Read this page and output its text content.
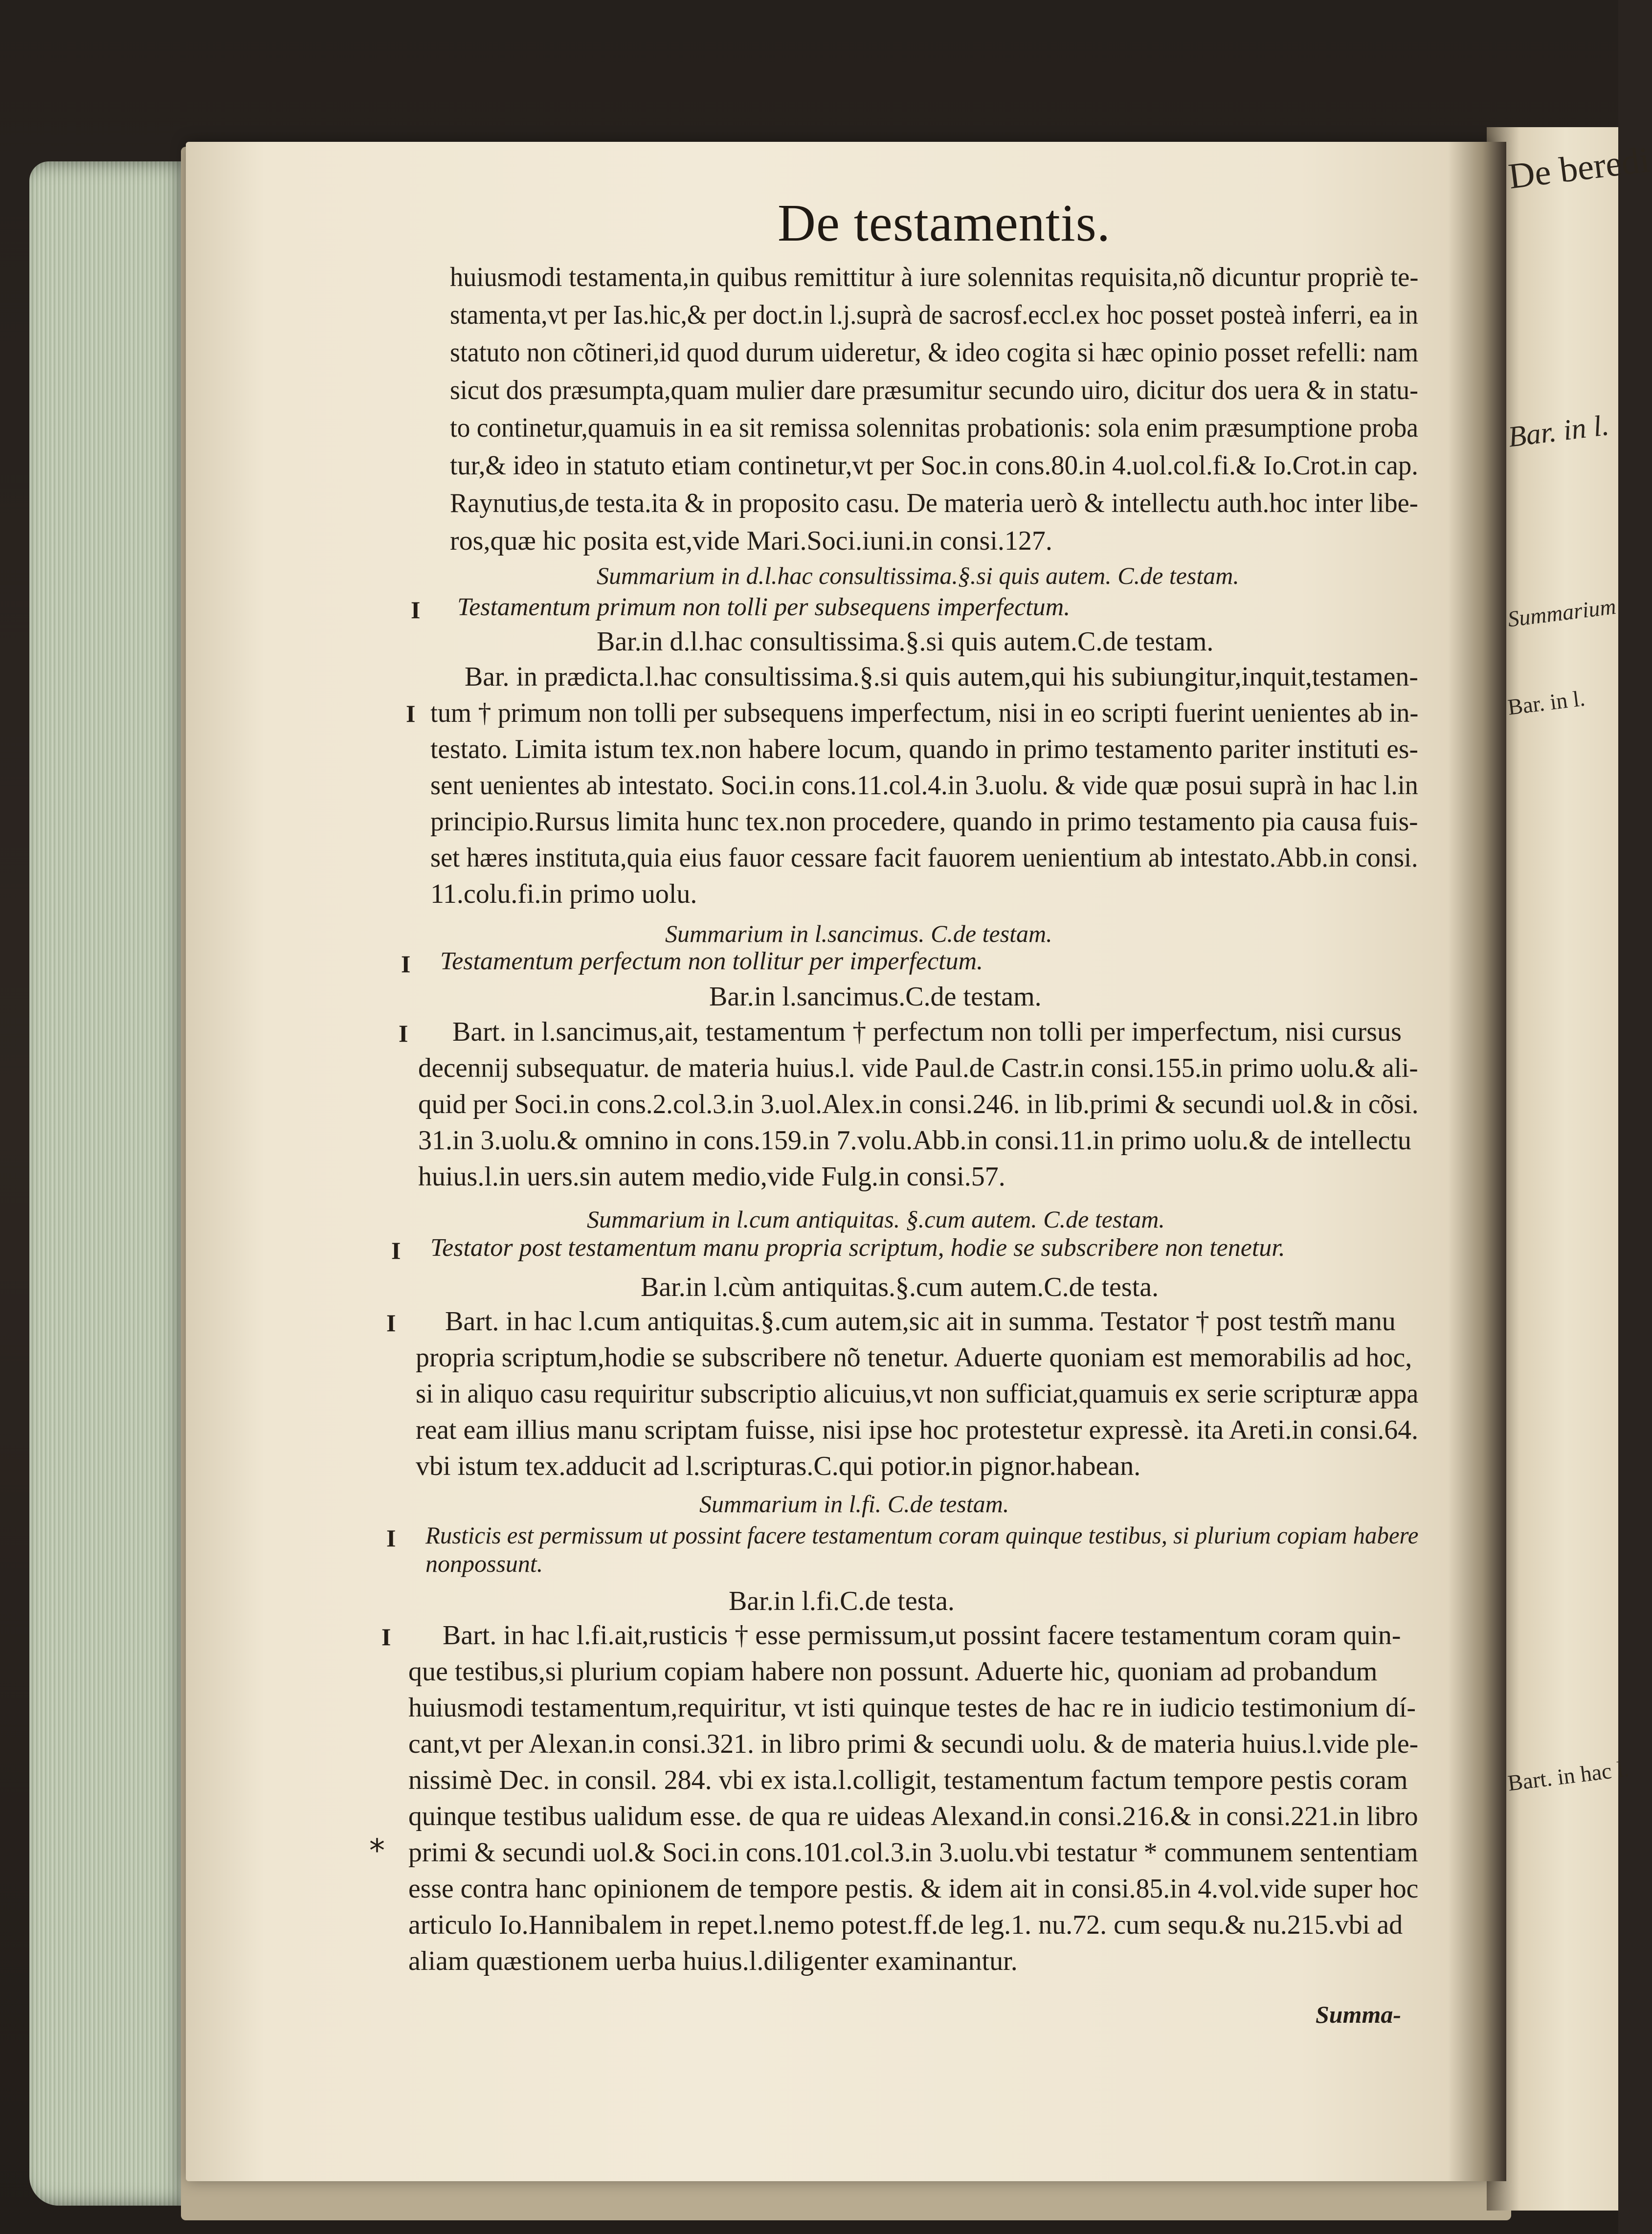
De beredi
Bar. in l.
Summarium
Bar. in l.
Bart. in hac l.
De testamentis.
huiusmodi testamenta,in quibus remittitur à iure solennitas requisita,nõ dicuntur propriè te-
stamenta,vt per Ias.hic,& per doct.in l.j.suprà de sacrosf.eccl.ex hoc posset posteà inferri, ea in
statuto non cõtineri,id quod durum uideretur, & ideo cogita si hæc opinio posset refelli: nam
sicut dos præsumpta,quam mulier dare præsumitur secundo uiro, dicitur dos uera & in statu-
to continetur,quamuis in ea sit remissa solennitas probationis: sola enim præsumptione proba
tur,& ideo in statuto etiam continetur,vt per Soc.in cons.80.in 4.uol.col.fi.& Io.Crot.in cap.
Raynutius,de testa.ita & in proposito casu. De materia uerò & intellectu auth.hoc inter libe-
ros,quæ hic posita est,vide Mari.Soci.iuni.in consi.127.
Summarium in d.l.hac consultissima.§.si quis autem. C.de testam.
I Testamentum primum non tolli per subsequens imperfectum.
Bar.in d.l.hac consultissima.§.si quis autem.C.de testam.
Bar. in prædicta.l.hac consultissima.§.si quis autem,qui his subiungitur,inquit,testamen-
I tum † primum non tolli per subsequens imperfectum, nisi in eo scripti fuerint uenientes ab in-
testato. Limita istum tex.non habere locum, quando in primo testamento pariter instituti es-
sent uenientes ab intestato. Soci.in cons.11.col.4.in 3.uolu. & vide quæ posui suprà in hac l.in
principio.Rursus limita hunc tex.non procedere, quando in primo testamento pia causa fuis-
set hæres instituta,quia eius fauor cessare facit fauorem uenientium ab intestato.Abb.in consi.
11.colu.fi.in primo uolu.
Summarium in l.sancimus. C.de testam.
I Testamentum perfectum non tollitur per imperfectum.
Bar.in l.sancimus.C.de testam.
I Bart. in l.sancimus,ait, testamentum † perfectum non tolli per imperfectum, nisi cursus
decennij subsequatur. de materia huius.l. vide Paul.de Castr.in consi.155.in primo uolu.& ali-
quid per Soci.in cons.2.col.3.in 3.uol.Alex.in consi.246. in lib.primi & secundi uol.& in cõsi.
31.in 3.uolu.& omnino in cons.159.in 7.volu.Abb.in consi.11.in primo uolu.& de intellectu
huius.l.in uers.sin autem medio,vide Fulg.in consi.57.
Summarium in l.cum antiquitas. §.cum autem. C.de testam.
I Testator post testamentum manu propria scriptum, hodie se subscribere non tenetur.
Bar.in l.cùm antiquitas.§.cum autem.C.de testa.
I Bart. in hac l.cum antiquitas.§.cum autem,sic ait in summa. Testator † post testm̃ manu
propria scriptum,hodie se subscribere nõ tenetur. Aduerte quoniam est memorabilis ad hoc,
si in aliquo casu requiritur subscriptio alicuius,vt non sufficiat,quamuis ex serie scripturæ appa
reat eam illius manu scriptam fuisse, nisi ipse hoc protestetur expressè. ita Areti.in consi.64.
vbi istum tex.adducit ad l.scripturas.C.qui potior.in pignor.habean.
Summarium in l.fi. C.de testam.
I Rusticis est permissum ut possint facere testamentum coram quinque testibus, si plurium copiam habere
nonpossunt.
Bar.in l.fi.C.de testa.
I Bart. in hac l.fi.ait,rusticis † esse permissum,ut possint facere testamentum coram quin-
que testibus,si plurium copiam habere non possunt. Aduerte hic, quoniam ad probandum
huiusmodi testamentum,requiritur, vt isti quinque testes de hac re in iudicio testimonium dí-
cant,vt per Alexan.in consi.321. in libro primi & secundi uolu. & de materia huius.l.vide ple-
nissimè Dec. in consil. 284. vbi ex ista.l.colligit, testamentum factum tempore pestis coram
quinque testibus ualidum esse. de qua re uideas Alexand.in consi.216.& in consi.221.in libro
* primi & secundi uol.& Soci.in cons.101.col.3.in 3.uolu.vbi testatur * communem sententiam
esse contra hanc opinionem de tempore pestis. & idem ait in consi.85.in 4.vol.vide super hoc
articulo Io.Hannibalem in repet.l.nemo potest.ff.de leg.1. nu.72. cum sequ.& nu.215.vbi ad
aliam quæstionem uerba huius.l.diligenter examinantur.
Summa-
